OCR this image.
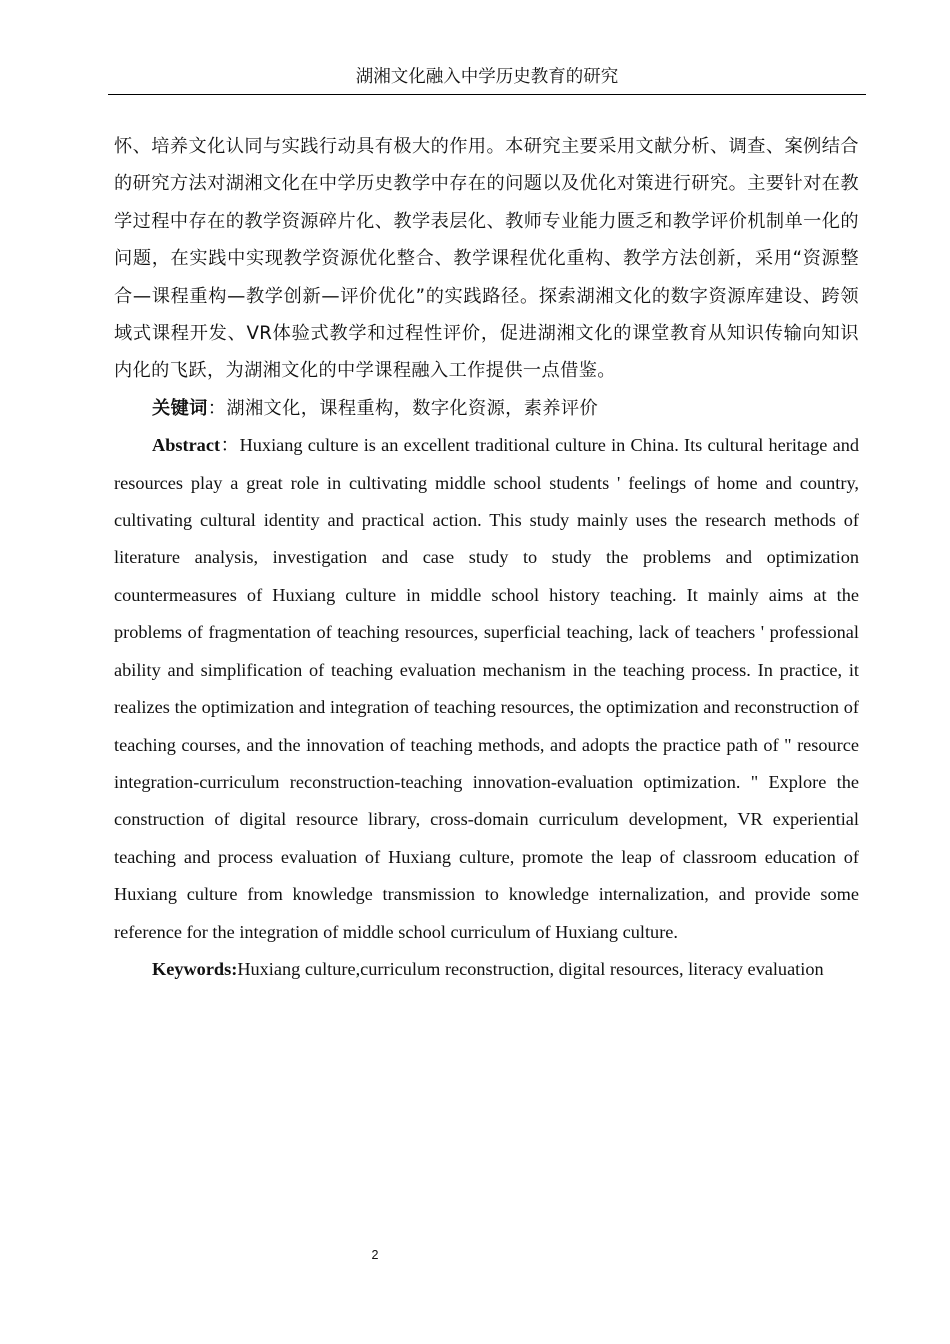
湖湘文化融入中学历史教育的研究

怀、培养文化认同与实践行动具有极大的作用。本研究主要采用文献分析、调查、案例结合的研究方法对湖湘文化在中学历史教学中存在的问题以及优化对策进行研究。主要针对在教学过程中存在的教学资源碎片化、教学表层化、教师专业能力匮乏和教学评价机制单一化的问题，在实践中实现教学资源优化整合、教学课程优化重构、教学方法创新，采用“资源整合—课程重构—教学创新—评价优化”的实践路径。探索湖湘文化的数字资源库建设、跨领域式课程开发、VR体验式教学和过程性评价，促进湖湘文化的课堂教育从知识传输向知识内化的飞跃，为湖湘文化的中学课程融入工作提供一点借鉴。

关键词：湖湘文化，课程重构，数字化资源，素养评价

Abstract：Huxiang culture is an excellent traditional culture in China. Its cultural heritage and resources play a great role in cultivating middle school students ' feelings of home and country, cultivating cultural identity and practical action. This study mainly uses the research methods of literature analysis, investigation and case study to study the problems and optimization countermeasures of Huxiang culture in middle school history teaching. It mainly aims at the problems of fragmentation of teaching resources, superficial teaching, lack of teachers ' professional ability and simplification of teaching evaluation mechanism in the teaching process. In practice, it realizes the optimization and integration of teaching resources, the optimization and reconstruction of teaching courses, and the innovation of teaching methods, and adopts the practice path of " resource integration-curriculum reconstruction-teaching innovation-evaluation optimization. " Explore the construction of digital resource library, cross-domain curriculum development, VR experiential teaching and process evaluation of Huxiang culture, promote the leap of classroom education of Huxiang culture from knowledge transmission to knowledge internalization, and provide some reference for the integration of middle school curriculum of Huxiang culture.

Keywords:Huxiang culture,curriculum reconstruction, digital resources, literacy evaluation

2
